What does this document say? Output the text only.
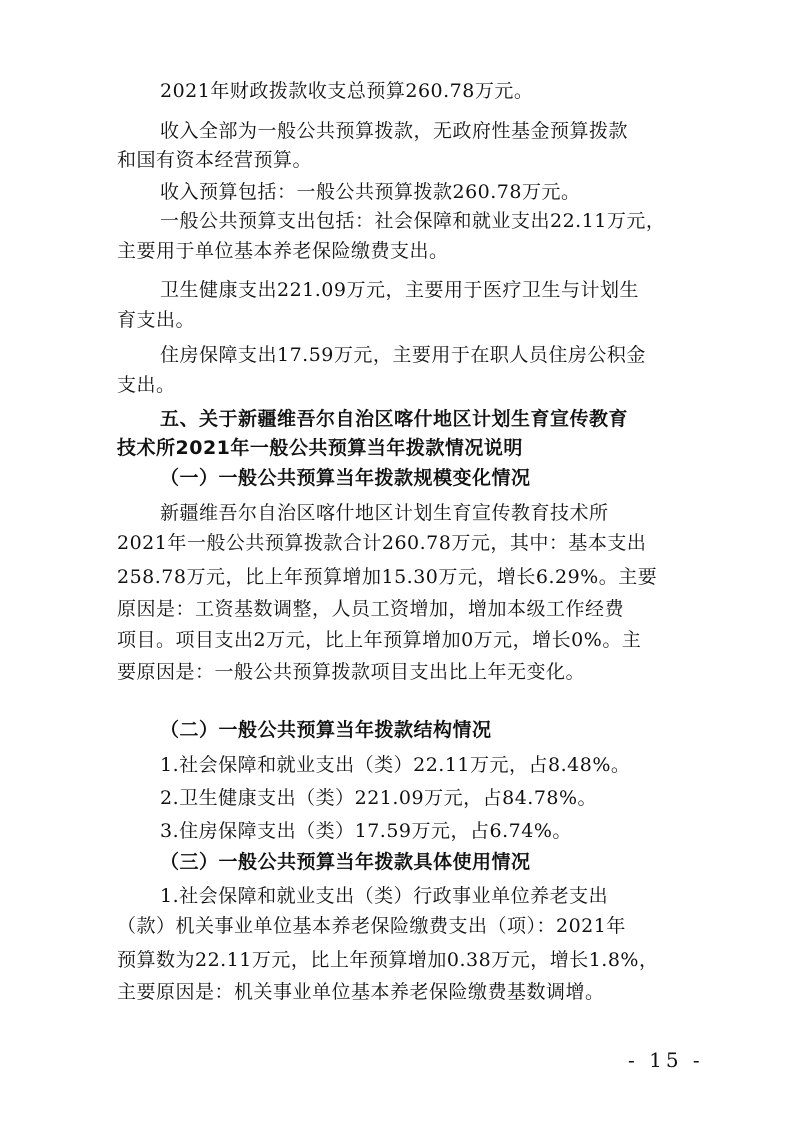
2021年财政拨款收支总预算260.78万元。
收入全部为一般公共预算拨款，无政府性基金预算拨款
和国有资本经营预算。
收入预算包括：一般公共预算拨款260.78万元。
一般公共预算支出包括：社会保障和就业支出22.11万元，
主要用于单位基本养老保险缴费支出。
卫生健康支出221.09万元，主要用于医疗卫生与计划生
育支出。
住房保障支出17.59万元，主要用于在职人员住房公积金
支出。
五、关于新疆维吾尔自治区喀什地区计划生育宣传教育
技术所2021年一般公共预算当年拨款情况说明
（一）一般公共预算当年拨款规模变化情况
新疆维吾尔自治区喀什地区计划生育宣传教育技术所
2021年一般公共预算拨款合计260.78万元，其中：基本支出
258.78万元，比上年预算增加15.30万元，增长6.29%。主要
原因是：工资基数调整，人员工资增加，增加本级工作经费
项目。项目支出2万元，比上年预算增加0万元，增长0%。主
要原因是：一般公共预算拨款项目支出比上年无变化。
（二）一般公共预算当年拨款结构情况
1.社会保障和就业支出（类）22.11万元，占8.48%。
2.卫生健康支出（类）221.09万元，占84.78%。
3.住房保障支出（类）17.59万元，占6.74%。
（三）一般公共预算当年拨款具体使用情况
1.社会保障和就业支出（类）行政事业单位养老支出
（款）机关事业单位基本养老保险缴费支出（项）：2021年
预算数为22.11万元，比上年预算增加0.38万元，增长1.8%，
主要原因是：机关事业单位基本养老保险缴费基数调增。
- 15 -
